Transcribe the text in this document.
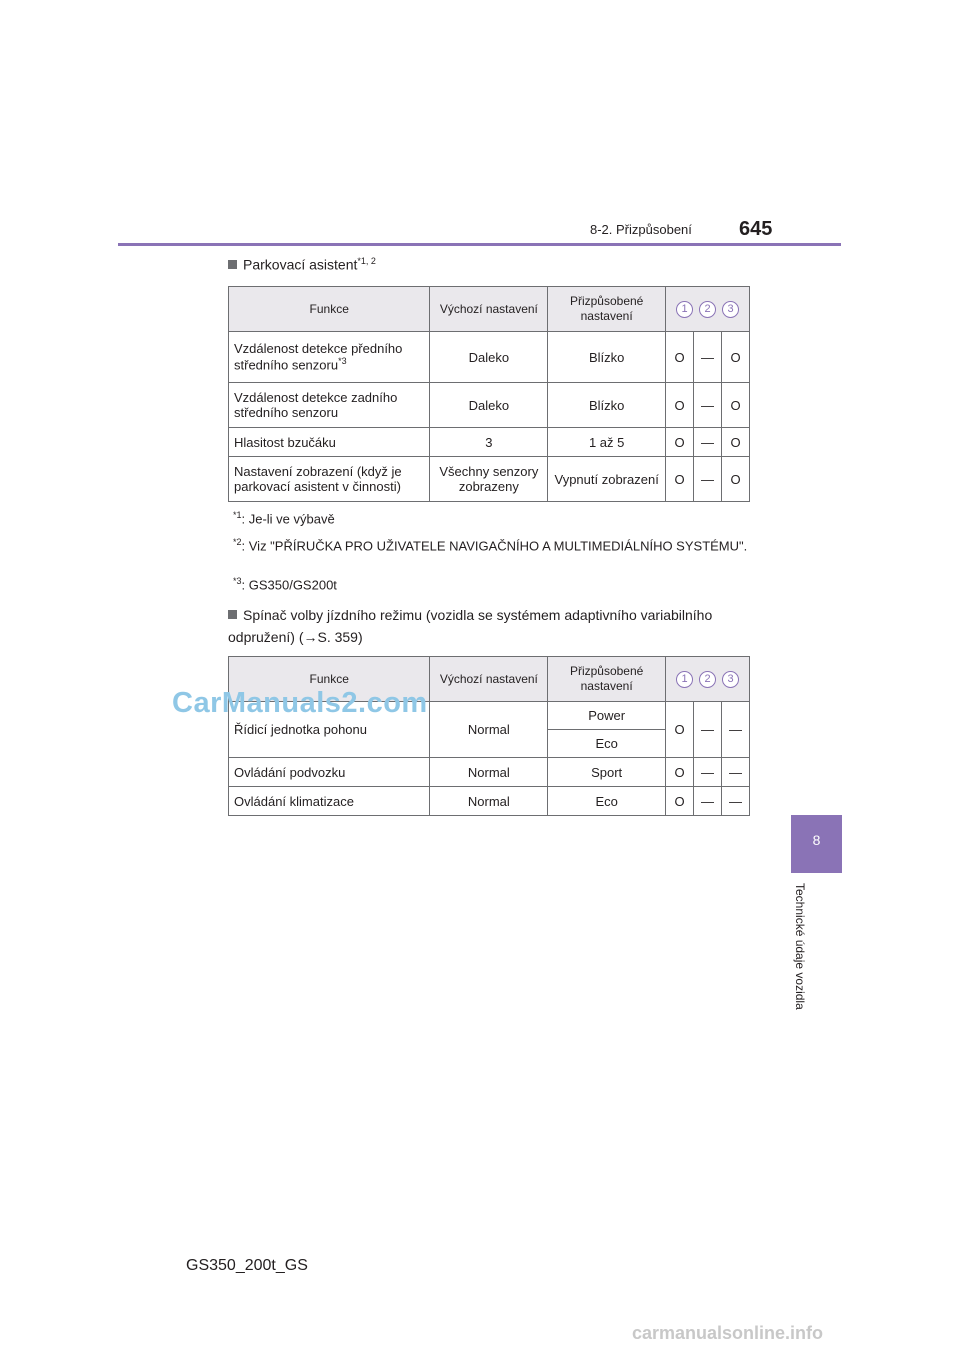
8-2. Přizpůsobení 645
8
Technické údaje vozidla
Parkovací asistent$^{*1, 2}$
Funkce	Výchozí nastavení	Přizpůsobené nastavení	1 2 3		
Vzdálenost detekce předního středního senzoru$^{*3}$	Daleko	Blízko	O	—	O
Vzdálenost detekce zadního středního senzoru	Daleko	Blízko	O	—	O
Hlasitost bzučáku	3	1 až 5	O	—	O
Nastavení zobrazení (když je parkovací asistent v činnosti)	Všechny senzory zobrazeny	Vypnutí zobrazení	O	—	O
$^{*1}$: Je-li ve výbavě
$^{*2}$: Viz "PŘÍRUČKA PRO UŽIVATELE NAVIGAČNÍHO A MULTIMEDIÁLNÍHO SYSTÉMU".
$^{*3}$: GS350/GS200t
Spínač volby jízdního režimu (vozidla se systémem adaptivního variabilního odpružení) (→S. 359)
Funkce	Výchozí nastavení	Přizpůsobené nastavení	1 2 3		
Řídicí jednotka pohonu	Normal	Power	O	—	—
		Eco			
Ovládání podvozku	Normal	Sport	O	—	—
Ovládání klimatizace	Normal	Eco	O	—	—
CarManuals2.com
carmanualsonline.info
GS350_200t_GS
